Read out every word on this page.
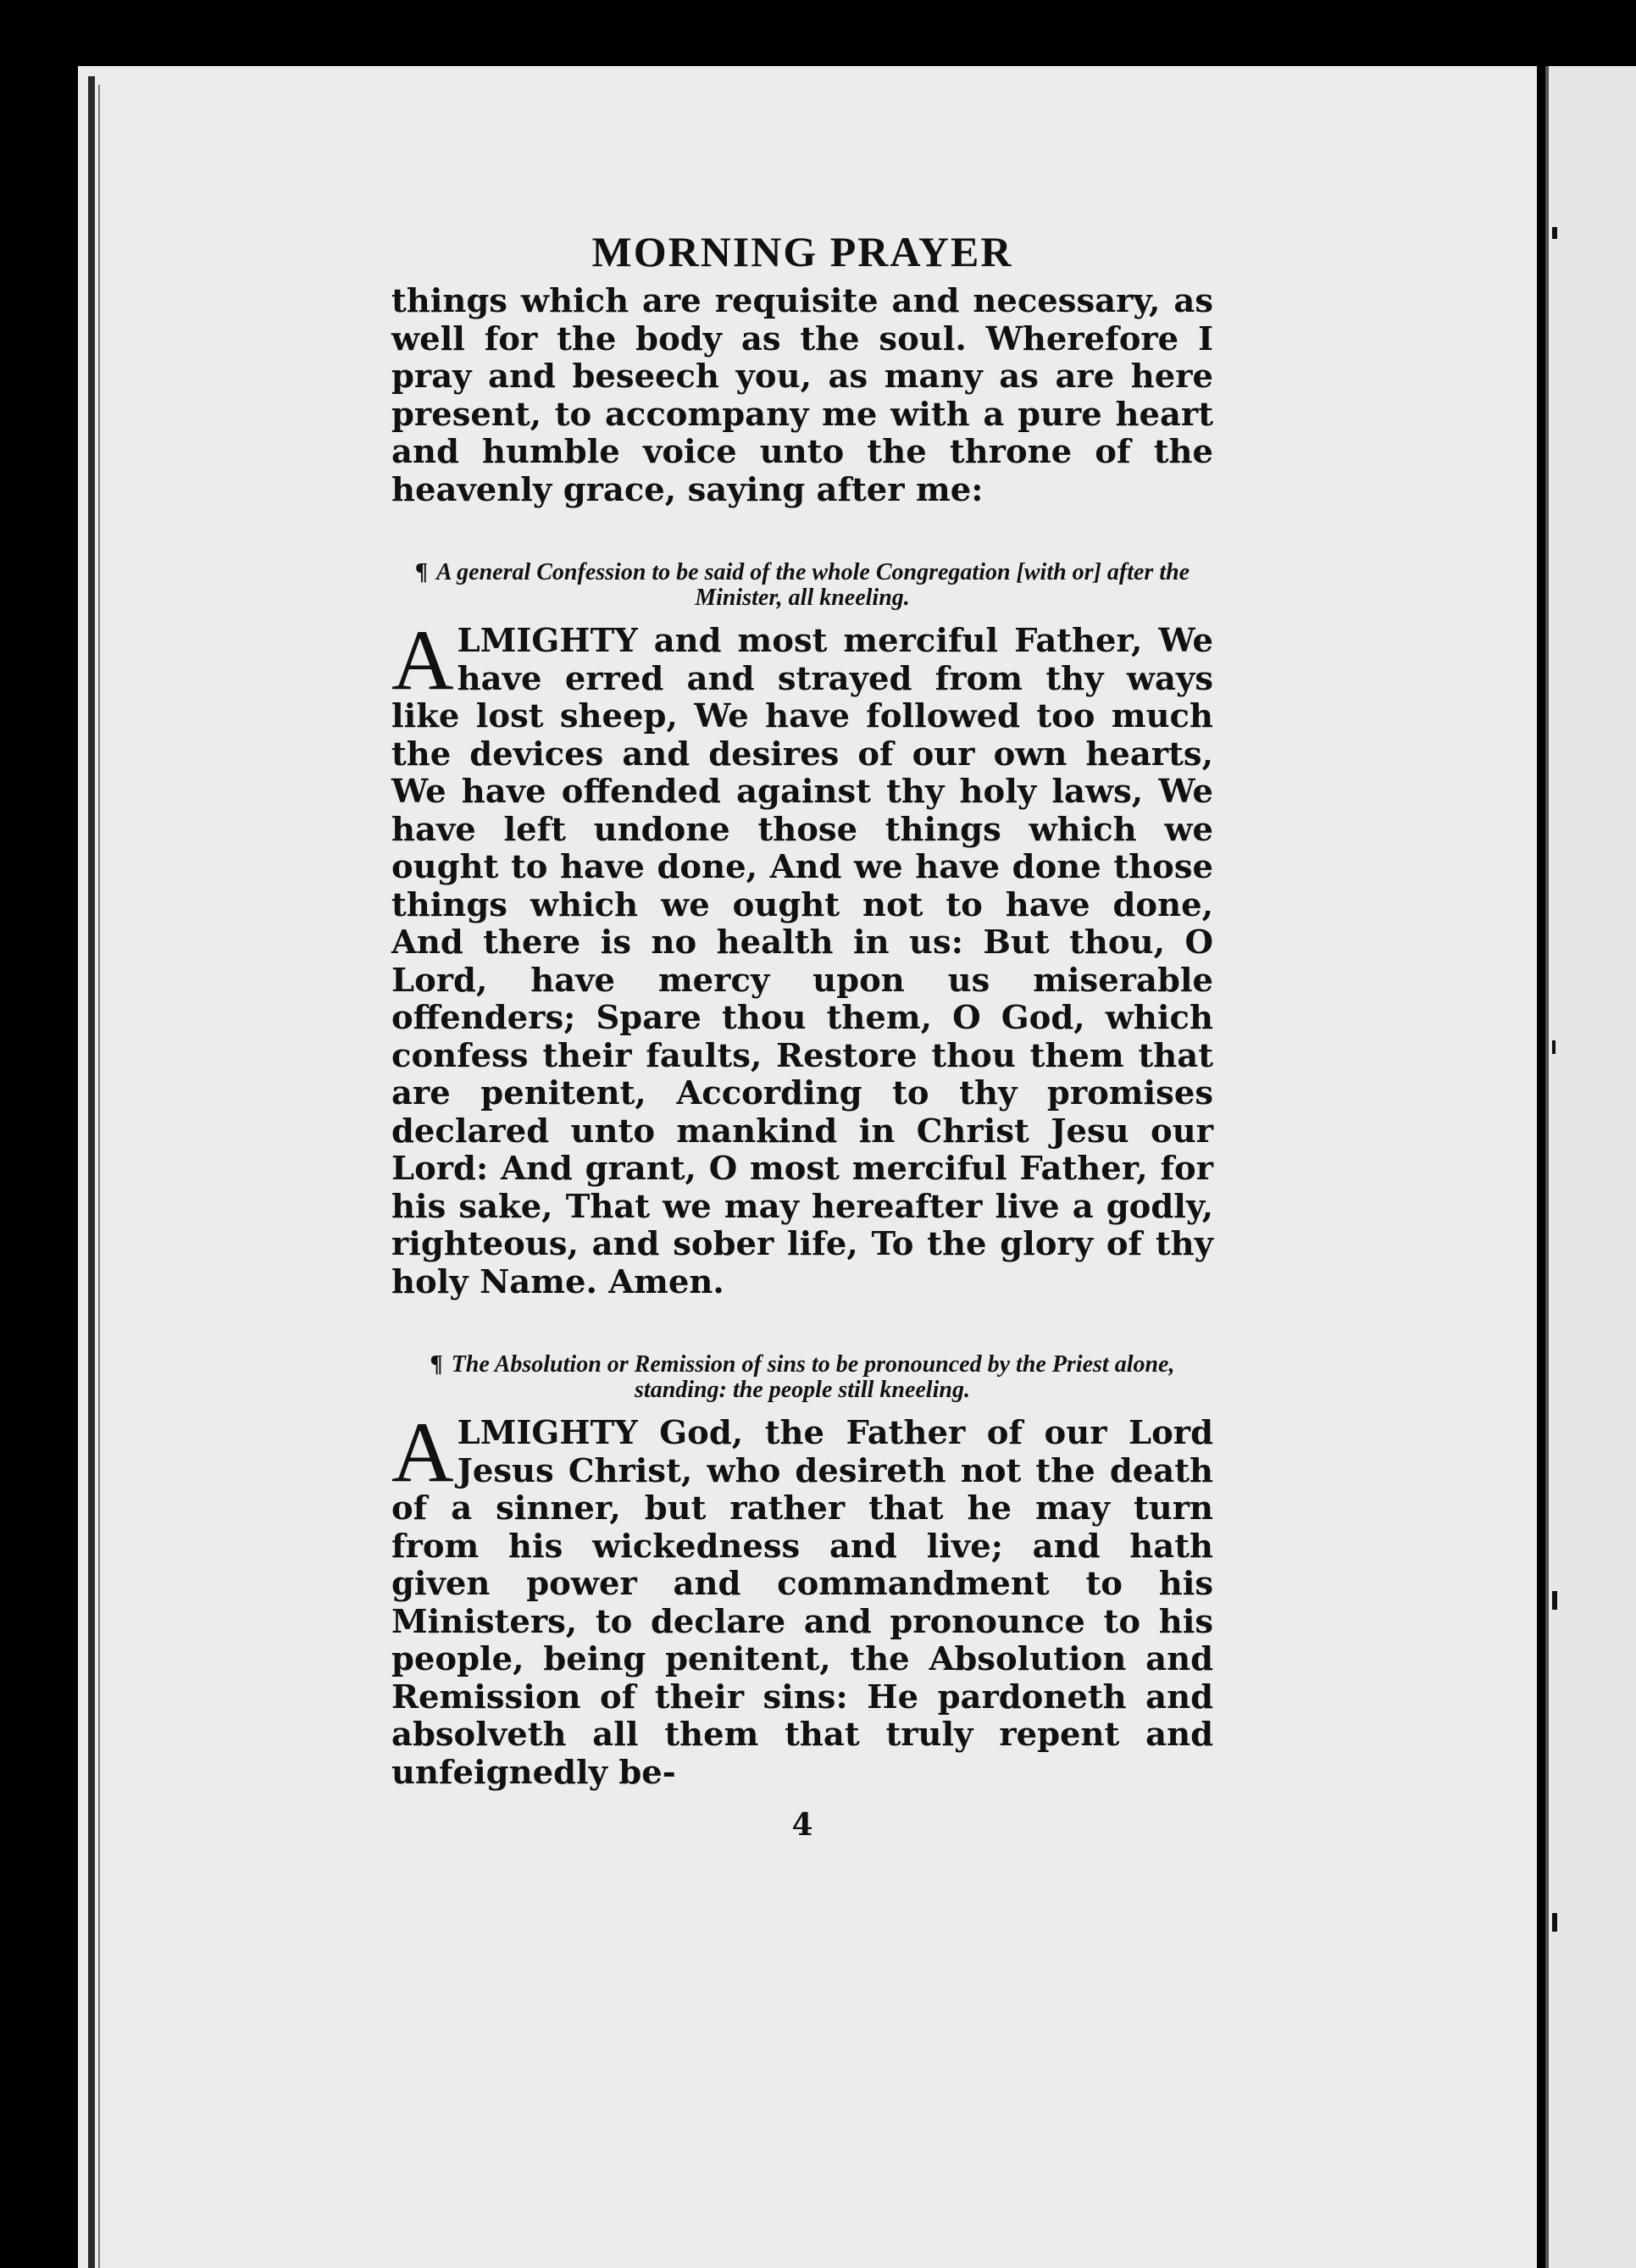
MORNING PRAYER

things which are requisite and necessary, as well for the body as the soul. Wherefore I pray and beseech you, as many as are here present, to accompany me with a pure heart and humble voice unto the throne of the heavenly grace, saying after me:

¶ A general Confession to be said of the whole Congregation [with or] after the Minister, all kneeling.

ALMIGHTY and most merciful Father, We have erred and strayed from thy ways like lost sheep, We have followed too much the devices and desires of our own hearts, We have offended against thy holy laws, We have left undone those things which we ought to have done, And we have done those things which we ought not to have done, And there is no health in us: But thou, O Lord, have mercy upon us miserable offenders; Spare thou them, O God, which confess their faults, Restore thou them that are penitent, According to thy promises declared unto mankind in Christ Jesu our Lord: And grant, O most merciful Father, for his sake, That we may hereafter live a godly, righteous, and sober life, To the glory of thy holy Name. Amen.

¶ The Absolution or Remission of sins to be pronounced by the Priest alone, standing: the people still kneeling.

ALMIGHTY God, the Father of our Lord Jesus Christ, who desireth not the death of a sinner, but rather that he may turn from his wickedness and live; and hath given power and commandment to his Ministers, to declare and pronounce to his people, being penitent, the Absolution and Remission of their sins: He pardoneth and absolveth all them that truly repent and unfeignedly be-

4
